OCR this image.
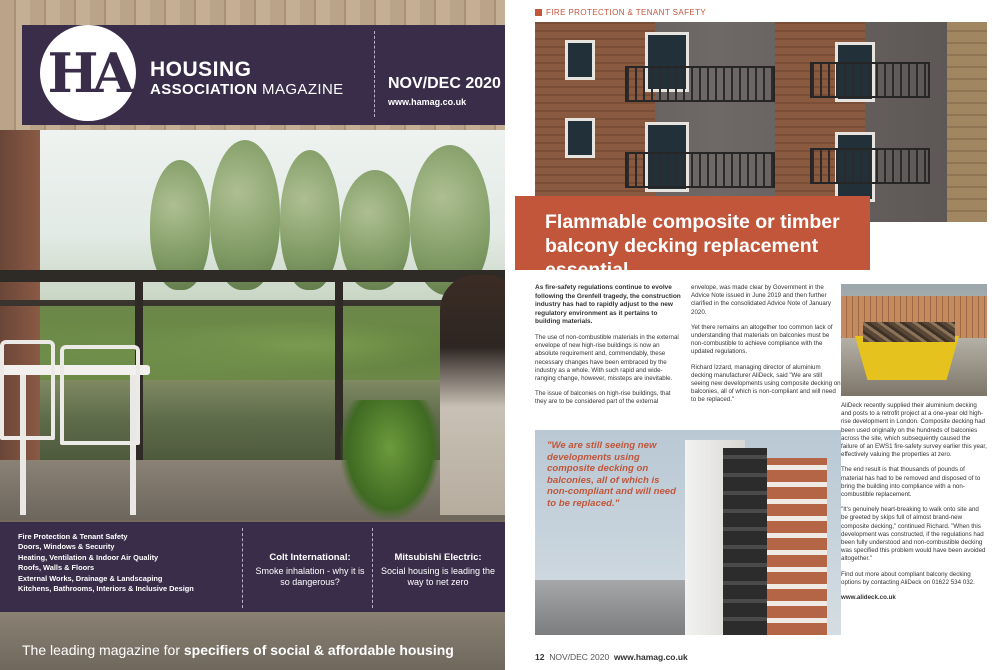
HA HOUSING
ASSOCIATION MAGAZINE	NOV/DEC 2020
www.hamag.co.uk
Fire Protection & Tenant Safety
Doors, Windows & Security
Heating, Ventilation & Indoor Air Quality
Roofs, Walls & Floors
External Works, Drainage & Landscaping
Kitchens, Bathrooms, Interiors & Inclusive Design
Colt International:
Smoke inhalation - why it is so dangerous?
Mitsubishi Electric:
Social housing is leading the way to net zero
The leading magazine for specifiers of social & affordable housing
FIRE PROTECTION & TENANT SAFETY
Flammable composite or timber balcony decking replacement essential

As fire-safety regulations continue to evolve following the Grenfell tragedy, the construction industry has had to rapidly adjust to the new regulatory environment as it pertains to building materials.

The use of non-combustible materials in the external envelope of new high-rise buildings is now an absolute requirement and, commendably, these necessary changes have been embraced by the industry as a whole. With such rapid and wide-ranging change, however, missteps are inevitable.

The issue of balconies on high-rise buildings, that they are to be considered part of the external

envelope, was made clear by Government in the Advice Note issued in June 2019 and then further clarified in the consolidated Advice Note of January 2020.

Yet there remains an altogether too common lack of understanding that materials on balconies must be non-combustible to achieve compliance with the updated regulations.

Richard Izzard, managing director of aluminium decking manufacturer AliDeck, said "We are still seeing new developments using composite decking on balconies, all of which is non-compliant and will need to be replaced."

AliDeck recently supplied their aluminium decking and posts to a retrofit project at a one-year old high-rise development in London. Composite decking had been used originally on the hundreds of balconies across the site, which subsequently caused the failure of an EWS1 fire-safety survey earlier this year, effectively valuing the properties at zero.

The end result is that thousands of pounds of material has had to be removed and disposed of to bring the building into compliance with a non-combustible replacement.

"It's genuinely heart-breaking to walk onto site and be greeted by skips full of almost brand-new composite decking," continued Richard. "When this development was constructed, if the regulations had been fully understood and non-combustible decking was specified this problem would have been avoided altogether."

Find out more about compliant balcony decking options by contacting AliDeck on 01622 534 032.

www.alideck.co.uk

"We are still seeing new developments using composite decking on balconies, all of which is non-compliant and will need to be replaced."
12 NOV/DEC 2020 www.hamag.co.uk
